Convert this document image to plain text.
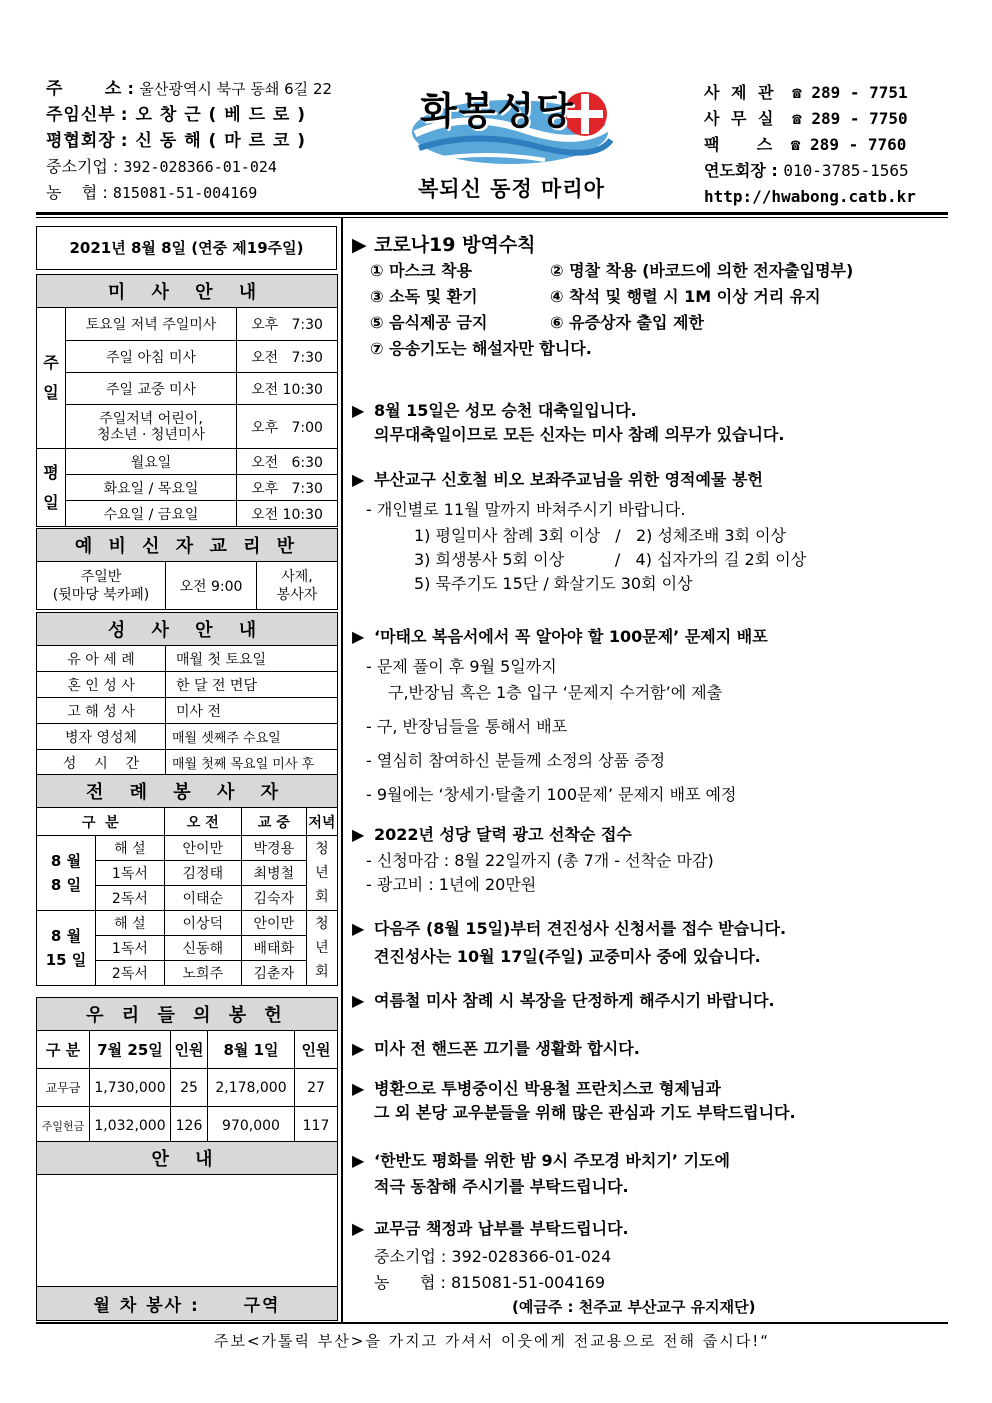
주      소 : 울산광역시 북구 동쇄 6길 22
주임신부 : 오 창 근 ( 베 드 로 )
평협회장 : 신 동 해 ( 마 르 코 )
중소기업 : 392-028366-01-024
농    협 : 815081-51-004169
화봉성당
복되신 동정 마리아
사 제 관 ☎ 289 - 7751
사 무 실 ☎ 289 - 7750
팩    스 ☎ 289 - 7760
연도회장 : 010-3785-1565
http://hwabong.catb.kr
2021년 8월 8일 (연중 제19주일)
미 사 안 내		
주
일	토요일 저녁 주일미사	오후   7:30
	주일 아침 미사	오전   7:30
	주일 교중 미사	오전 10:30
	주일저녁 어린이,
청소년 · 청년미사	오후   7:00
평
일	월요일	오전   6:30
	화요일 / 목요일	오후   7:30
	수요일 / 금요일	오전 10:30
예 비 신 자 교 리 반
주일반
(뒷마당 북카페)	오전 9:00	사제,
봉사자
성 사 안 내	
유 아 세 례	매월 첫 토요일
혼 인 성 사	한 달 전 면담
고 해 성 사	미사 전
병자 영성체	매월 셋째주 수요일
성    시    간	매월 첫째 목요일 미사 후
전 례 봉 사 자				
구  분		오 전	교 중	저녁
8 월
8 일	해 설	안이만	박경용	청
년
회
	1독서	김정태	최병철	
	2독서	이태순	김숙자	
8 월
15 일	해 설	이상덕	안이만	청
년
회
	1독서	신동해	배태화	
	2독서	노희주	김춘자	
우 리 들 의 봉 헌				
구 분	7월 25일	인원	8월 1일	인원
교무금	1,730,000	25	2,178,000	27
주일헌금	1,032,000	126	970,000	117
안 내

월 차 봉사 :	구역
▶ 코로나19 방역수칙
① 마스크 착용	② 명찰 착용 (바코드에 의한 전자출입명부)
③ 소독 및 환기	④ 착석 및 행렬 시 1M 이상 거리 유지
⑤ 음식제공 금지	⑥ 유증상자 출입 제한
⑦ 응송기도는 해설자만 합니다.
▶ 8월 15일은 성모 승천 대축일입니다.
의무대축일이므로 모든 신자는 미사 참례 의무가 있습니다.
▶ 부산교구 신호철 비오 보좌주교님을 위한 영적예물 봉헌
- 개인별로 11월 말까지 바쳐주시기 바랍니다.
1) 평일미사 참례 3회 이상   /   2) 성체조배 3회 이상
3) 희생봉사 5회 이상          /   4) 십자가의 길 2회 이상
5) 묵주기도 15단 / 화살기도 30회 이상
▶ ‘마태오 복음서에서 꼭 알아야 할 100문제’ 문제지 배포
- 문제 풀이 후 9월 5일까지
구,반장님 혹은 1층 입구 ‘문제지 수거함’에 제출
- 구, 반장님들을 통해서 배포
- 열심히 참여하신 분들께 소정의 상품 증정
- 9월에는 ‘창세기·탈출기 100문제’ 문제지 배포 예정
▶ 2022년 성당 달력 광고 선착순 접수
- 신청마감 : 8월 22일까지 (총 7개 - 선착순 마감)
- 광고비 : 1년에 20만원
▶ 다음주 (8월 15일)부터 견진성사 신청서를 접수 받습니다.
견진성사는 10월 17일(주일) 교중미사 중에 있습니다.
▶ 여름철 미사 참례 시 복장을 단정하게 해주시기 바랍니다.
▶ 미사 전 핸드폰 끄기를 생활화 합시다.
▶ 병환으로 투병중이신 박용철 프란치스코 형제님과
그 외 본당 교우분들을 위해 많은 관심과 기도 부탁드립니다.
▶ ‘한반도 평화를 위한 밤 9시 주모경 바치기’ 기도에
적극 동참해 주시기를 부탁드립니다.
▶ 교무금 책정과 납부를 부탁드립니다.
중소기업 : 392-028366-01-024
농      협 : 815081-51-004169
(예금주 : 천주교 부산교구 유지재단)
주보<가톨릭 부산>을 가지고 가셔서 이웃에게 전교용으로 전해 줍시다!“
